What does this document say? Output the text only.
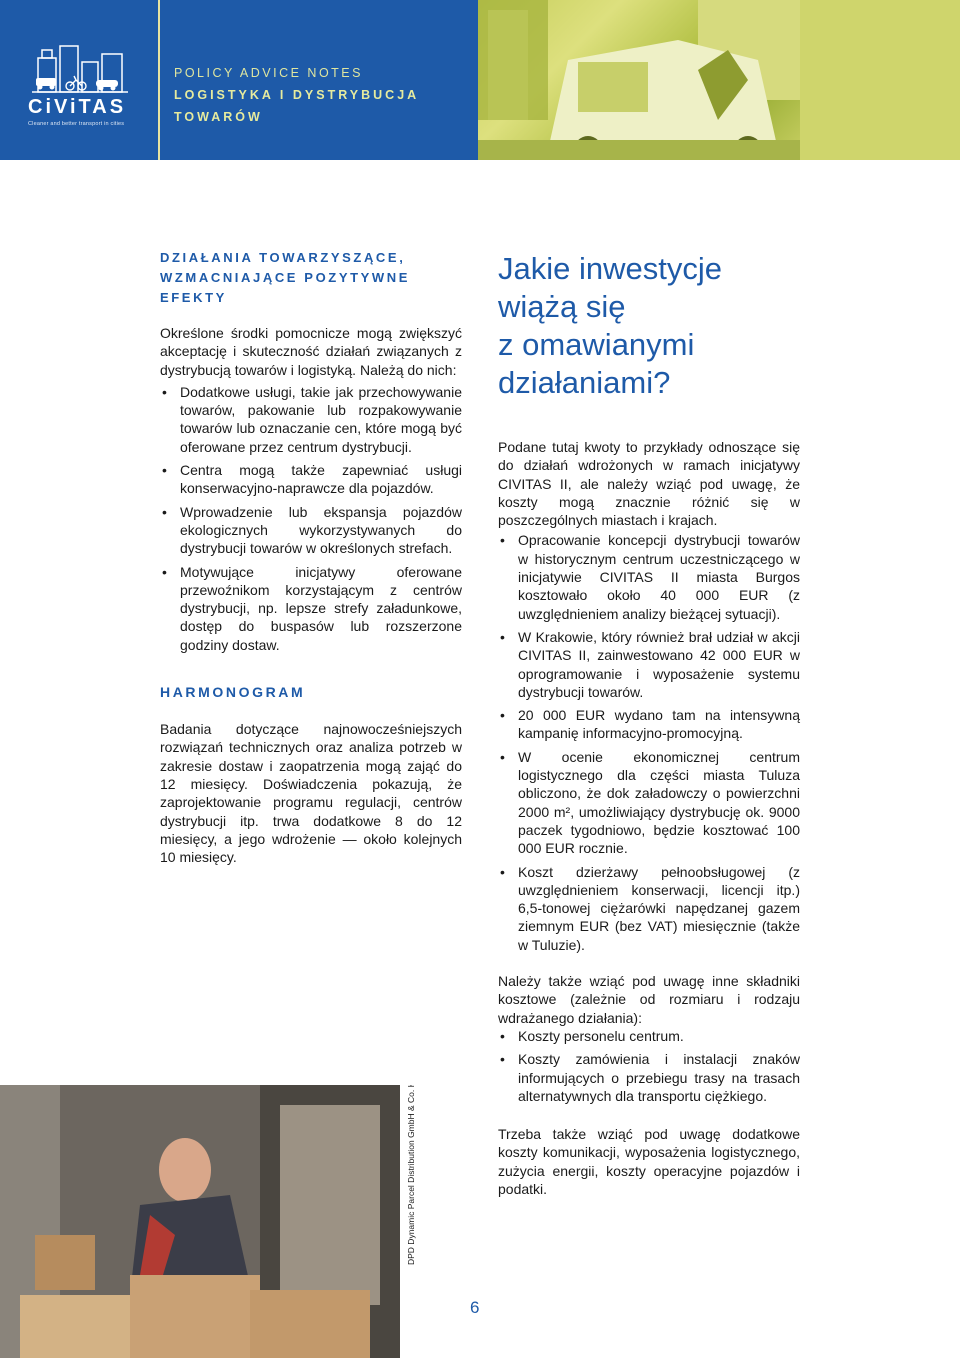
CiViTAS
Cleaner and better transport in cities
POLICY ADVICE NOTES
LOGISTYKA I DYSTRYBUCJA
TOWARÓW

DZIAŁANIA TOWARZYSZĄCE,

WZMACNIAJĄCE POZYTYWNE

EFEKTY

Określone środki pomocnicze mogą zwiększyć akceptację i skuteczność działań związanych z dystrybucją towarów i logistyką. Należą do nich:

• Dodatkowe usługi, takie jak przechowywanie towarów, pakowanie lub rozpakowywanie towarów lub oznaczanie cen, które mogą być oferowane przez centrum dystrybucji.
• Centra mogą także zapewniać usługi konserwacyjno-naprawcze dla pojazdów.
• Wprowadzenie lub ekspansja pojazdów ekologicznych wykorzystywanych do dystrybucji towarów w określonych strefach.
• Motywujące inicjatywy oferowane przewoźnikom korzystającym z centrów dystrybucji, np. lepsze strefy załadunkowe, dostęp do buspasów lub rozszerzone godziny dostaw.

HARMONOGRAM

Badania dotyczące najnowocześniejszych rozwiązań technicznych oraz analiza potrzeb w zakresie dostaw i zaopatrzenia mogą zająć do 12 miesięcy. Doświadczenia pokazują, że zaprojektowanie programu regulacji, centrów dystrybucji itp. trwa dodatkowe 8 do 12 miesięcy, a jego wdrożenie — około kolejnych 10 miesięcy.

Jakie inwestycje

wiążą się

z omawianymi

działaniami?

Podane tutaj kwoty to przykłady odnoszące się do działań wdrożonych w ramach inicjatywy CIVITAS II, ale należy wziąć pod uwagę, że koszty mogą znacznie różnić się w poszczególnych miastach i krajach.

• Opracowanie koncepcji dystrybucji towarów w historycznym centrum uczestniczącego w inicjatywie CIVITAS II miasta Burgos kosztowało około 40 000 EUR (z uwzględnieniem analizy bieżącej sytuacji).
• W Krakowie, który również brał udział w akcji CIVITAS II, zainwestowano 42 000 EUR w oprogramowanie i wyposażenie systemu dystrybucji towarów.
• 20 000 EUR wydano tam na intensywną kampanię informacyjno-promocyjną.
• W ocenie ekonomicznej centrum logistycznego dla części miasta Tuluza obliczono, że dok załadowczy o powierzchni 2000 m², umożliwiający dystrybucję ok. 9000 paczek tygodniowo, będzie kosztować 100 000 EUR rocznie.
• Koszt dzierżawy pełnoobsługowej (z uwzględnieniem konserwacji, licencji itp.) 6,5-tonowej ciężarówki napędzanej gazem ziemnym EUR (bez VAT) miesięcznie (także w Tuluzie).

Należy także wziąć pod uwagę inne składniki kosztowe (zależnie od rozmiaru i rodzaju wdrażanego działania):

• Koszty personelu centrum.
• Koszty zamówienia i instalacji znaków informujących o przebiegu trasy na trasach alternatywnych dla transportu ciężkiego.

Trzeba także wziąć pod uwagę dodatkowe koszty komunikacji, wyposażenia logistycznego, zużycia energii, koszty operacyjne pojazdów i podatki.

DPD Dynamic Parcel Distribution GmbH & Co. KG
6
